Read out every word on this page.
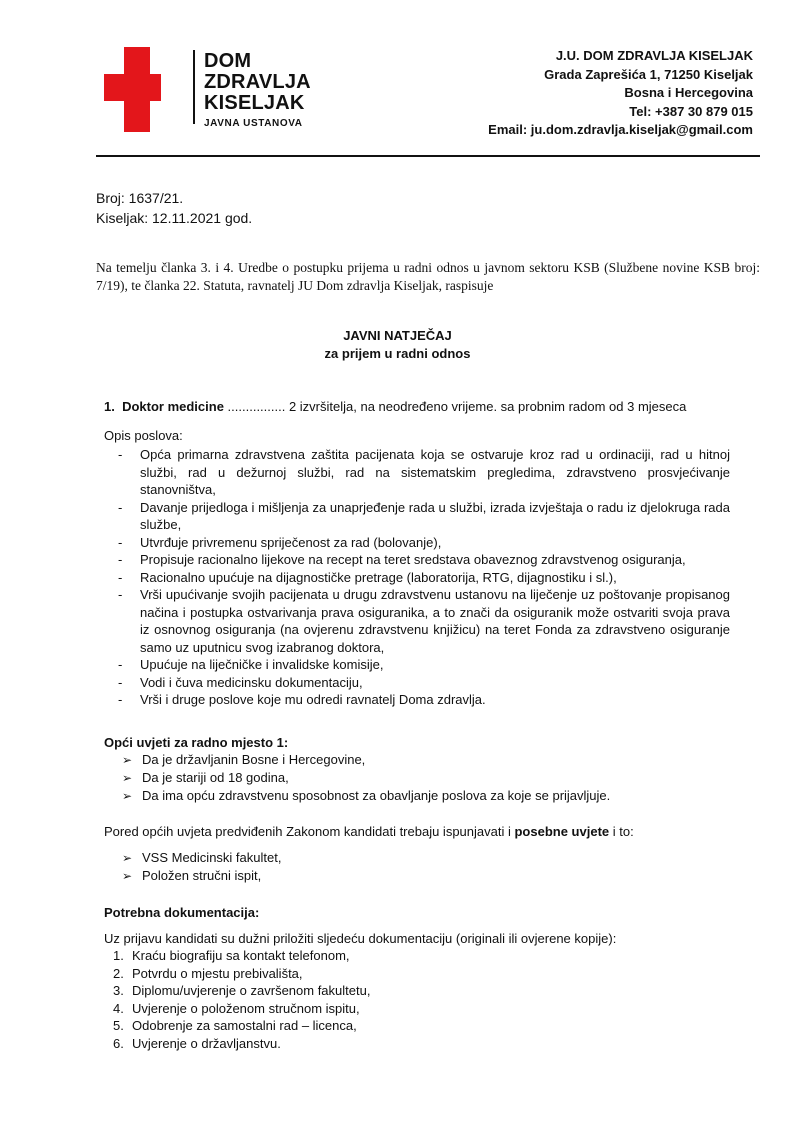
DOM
ZDRAVLJA
KISELJAK
JAVNA USTANOVA
J.U. DOM ZDRAVLJA KISELJAK
Grada Zaprešića 1, 71250 Kiseljak
Bosna i Hercegovina
Tel: +387 30 879 015
Email: ju.dom.zdravlja.kiseljak@gmail.com
Broj: 1637/21.
Kiseljak: 12.11.2021 god.
Na temelju članka 3. i 4. Uredbe o postupku prijema u radni odnos u javnom sektoru KSB (Službene novine KSB broj: 7/19), te članka 22. Statuta, ravnatelj JU Dom zdravlja Kiseljak, raspisuje
JAVNI NATJEČAJ
za prijem u radni odnos
1. Doktor medicine ................ 2 izvršitelja, na neodređeno vrijeme. sa probnim radom od 3 mjeseca
Opis poslova:
- Opća primarna zdravstvena zaštita pacijenata koja se ostvaruje kroz rad u ordinaciji, rad u hitnoj službi, rad u dežurnoj službi, rad na sistematskim pregledima, zdravstveno prosvjećivanje stanovništva,
- Davanje prijedloga i mišljenja za unaprjeđenje rada u službi, izrada izvještaja o radu iz djelokruga rada službe,
- Utvrđuje privremenu spriječenost za rad (bolovanje),
- Propisuje racionalno lijekove na recept na teret sredstava obaveznog zdravstvenog osiguranja,
- Racionalno upućuje na dijagnostičke pretrage (laboratorija, RTG, dijagnostiku i sl.),
- Vrši upućivanje svojih pacijenata u drugu zdravstvenu ustanovu na liječenje uz poštovanje propisanog načina i postupka ostvarivanja prava osiguranika, a to znači da osiguranik može ostvariti svoja prava iz osnovnog osiguranja (na ovjerenu zdravstvenu knjižicu) na teret Fonda za zdravstveno osiguranje samo uz uputnicu svog izabranog doktora,
- Upućuje na liječničke i invalidske komisije,
- Vodi i čuva medicinsku dokumentaciju,
- Vrši i druge poslove koje mu odredi ravnatelj Doma zdravlja.
Opći uvjeti za radno mjesto 1:
➢ Da je državljanin Bosne i Hercegovine,
➢ Da je stariji od 18 godina,
➢ Da ima opću zdravstvenu sposobnost za obavljanje poslova za koje se prijavljuje.
Pored općih uvjeta predviđenih Zakonom kandidati trebaju ispunjavati i posebne uvjete i to:
➢ VSS Medicinski fakultet,
➢ Položen stručni ispit,
Potrebna dokumentacija:
Uz prijavu kandidati su dužni priložiti sljedeću dokumentaciju (originali ili ovjerene kopije):
1. Kraću biografiju sa kontakt telefonom,
2. Potvrdu o mjestu prebivališta,
3. Diplomu/uvjerenje o završenom fakultetu,
4. Uvjerenje o položenom stručnom ispitu,
5. Odobrenje za samostalni rad – licenca,
6. Uvjerenje o državljanstvu.
